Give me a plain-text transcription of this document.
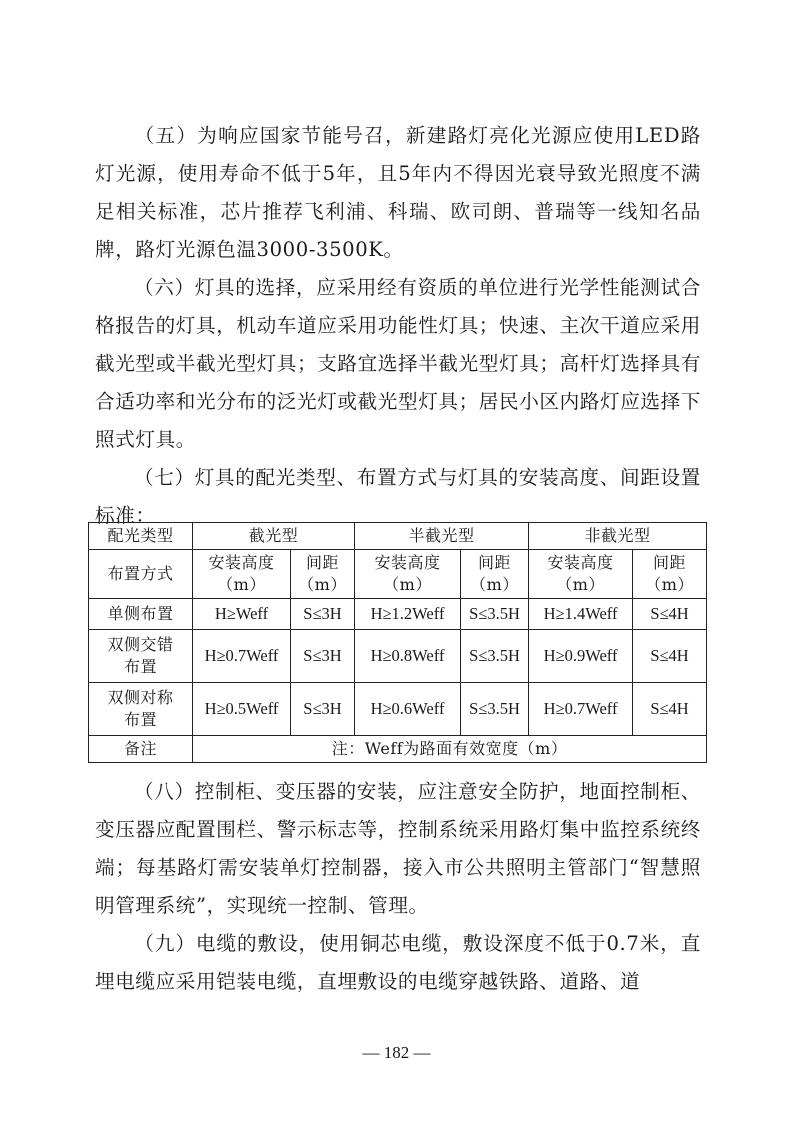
（五）为响应国家节能号召，新建路灯亮化光源应使用LED路灯光源，使用寿命不低于5年，且5年内不得因光衰导致光照度不满足相关标准，芯片推荐飞利浦、科瑞、欧司朗、普瑞等一线知名品牌，路灯光源色温3000-3500K。

（六）灯具的选择，应采用经有资质的单位进行光学性能测试合格报告的灯具，机动车道应采用功能性灯具；快速、主次干道应采用截光型或半截光型灯具；支路宜选择半截光型灯具；高杆灯选择具有合适功率和光分布的泛光灯或截光型灯具；居民小区内路灯应选择下照式灯具。

（七）灯具的配光类型、布置方式与灯具的安装高度、间距设置标准：

配光类型	截光型		半截光型		非截光型	
布置方式	安装高度（m）	间距（m）	安装高度（m）	间距（m）	安装高度（m）	间距（m）
单侧布置	H≥Weff	S≤3H	H≥1.2Weff	S≤3.5H	H≥1.4Weff	S≤4H
双侧交错布置	H≥0.7Weff	S≤3H	H≥0.8Weff	S≤3.5H	H≥0.9Weff	S≤4H
双侧对称布置	H≥0.5Weff	S≤3H	H≥0.6Weff	S≤3.5H	H≥0.7Weff	S≤4H
备注	注：Weff为路面有效宽度（m）					

（八）控制柜、变压器的安装，应注意安全防护，地面控制柜、变压器应配置围栏、警示标志等，控制系统采用路灯集中监控系统终端；每基路灯需安装单灯控制器，接入市公共照明主管部门“智慧照明管理系统”，实现统一控制、管理。

（九）电缆的敷设，使用铜芯电缆，敷设深度不低于0.7米，直埋电缆应采用铠装电缆，直埋敷设的电缆穿越铁路、道路、道

— 182 —
